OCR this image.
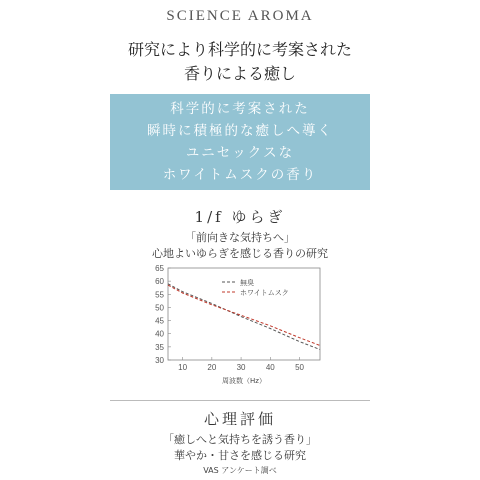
SCIENCE AROMA
研究により科学的に考案された
香りによる癒し
科学的に考案された
瞬時に積極的な癒しへ導く
ユニセックスな
ホワイトムスクの香り
1/f ゆらぎ
「前向きな気持ちへ」
心地よいゆらぎを感じる香りの研究
30
35
40
45
50
55
60
65
10	20	30	40	50
周波数（Hz）
無臭
ホワイトムスク
心理評価
「癒しへと気持ちを誘う香り」
華やか・甘さを感じる研究
VAS アンケート調べ
